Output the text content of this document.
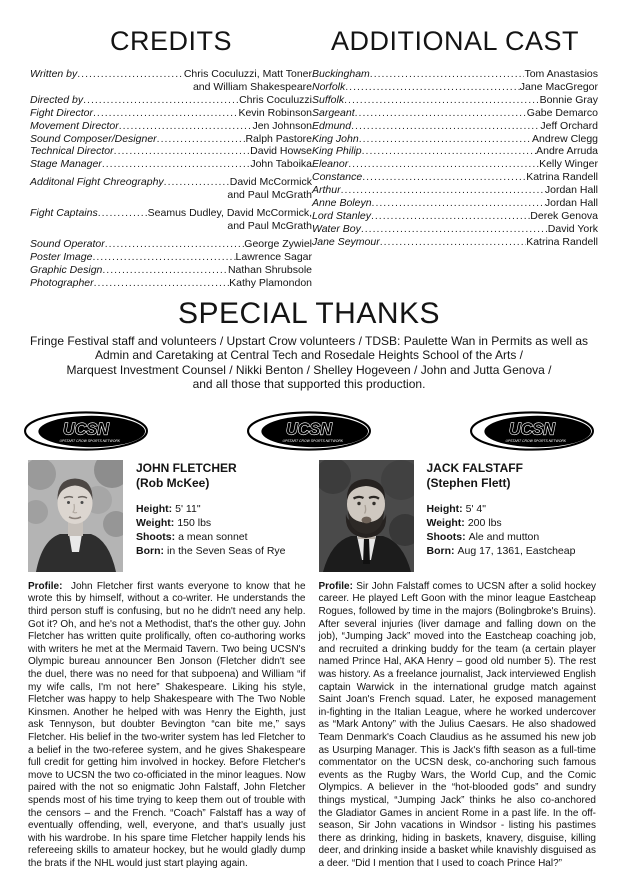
CREDITS
Written by .....	Chris Coculuzzi, Matt Toner
and William Shakespeare
Directed by .....	Chris Coculuzzi
Fight Director .....	Kevin Robinson
Movement Director .....	Jen Johnson
Sound Composer/Designer .....	Ralph Pastore
Technical Director .....	David Howse
Stage Manager .....	John Taboika
Additonal Fight Chreography .....	David McCormick
and Paul McGrath
Fight Captains .....	Seamus Dudley, David McCormick,
and Paul McGrath
Sound Operator .....	George Zywiel
Poster Image .....	Lawrence Sagar
Graphic Design .....	Nathan Shrubsole
Photographer .....	Kathy Plamondon
ADDITIONAL CAST
Buckingham .....	Tom Anastasios
Norfolk .....	Jane MacGregor
Suffolk .....	Bonnie Gray
Sargeant .....	Gabe Demarco
Edmund .....	Jeff Orchard
King John .....	Andrew Clegg
King Philip .....	Andre Arruda
Eleanor .....	Kelly Winger
Constance .....	Katrina Randell
Arthur .....	Jordan Hall
Anne Boleyn .....	Jordan Hall
Lord Stanley .....	Derek Genova
Water Boy .....	David York
Jane Seymour .....	Katrina Randell
SPECIAL THANKS
Fringe Festival staff and volunteers / Upstart Crow volunteers / TDSB: Paulette Wan in Permits as well as
Admin and Caretaking at Central Tech and Rosedale Heights School of the Arts /
Marquest Investment Counsel / Nikki Benton / Shelley Hogeveen / John and Jutta Genova /
and all those that supported this production.
UCSN
UPSTART CROW SPORTS NETWORK
UCSN
UPSTART CROW SPORTS NETWORK
UCSN
UPSTART CROW SPORTS NETWORK
JOHN FLETCHER
(Rob McKee)
Height: 5' 11"
Weight: 150 lbs
Shoots: a mean sonnet
Born: in the Seven Seas of Rye

Profile: John Fletcher first wants everyone to know that he wrote this by himself, without a co-writer. He understands the third person stuff is confusing, but no he didn't need any help. Got it? Oh, and he's not a Methodist, that's the other guy. John Fletcher has written quite prolifically, often co-authoring works with writers he met at the Mermaid Tavern. Two being UCSN's Olympic bureau announcer Ben Jonson (Fletcher didn't see the duel, there was no need for that subpoena) and William “if my wife calls, I'm not here” Shakespeare. Liking his style, Fletcher was happy to help Shakespeare with The Two Noble Kinsmen. Another he helped with was Henry the Eighth, just ask Tennyson, but doubter Bevington “can bite me,” says Fletcher. His belief in the two-writer system has led Fletcher to a belief in the two-referee system, and he gives Shakespeare full credit for getting him involved in hockey. Before Fletcher's move to UCSN the two co-officiated in the minor leagues. Now paired with the not so enigmatic John Falstaff, John Fletcher spends most of his time trying to keep them out of trouble with the censors – and the French. “Coach” Falstaff has a way of eventually offending, well, everyone, and that's usually just with his wardrobe. In his spare time Fletcher happily lends his refereeing skills to amateur hockey, but he would gladly dump the brats if the NHL would just start playing again.

JACK FALSTAFF
(Stephen Flett)
Height: 5' 4"
Weight: 200 lbs
Shoots: Ale and mutton
Born: Aug 17, 1361, Eastcheap

Profile: Sir John Falstaff comes to UCSN after a solid hockey career. He played Left Goon with the minor league Eastcheap Rogues, followed by time in the majors (Bolingbroke's Bruins). After several injuries (liver damage and falling down on the job), “Jumping Jack” moved into the Eastcheap coaching job, and recruited a drinking buddy for the team (a certain player named Prince Hal, AKA Henry – good old number 5). The rest was history. As a freelance journalist, Jack interviewed English captain Warwick in the international grudge match against Saint Joan's French squad. Later, he exposed management in-fighting in the Italian League, where he worked undercover as “Mark Antony” with the Julius Caesars. He also shadowed Team Denmark's Coach Claudius as he assumed his new job as Usurping Manager. This is Jack's fifth season as a full-time commentator on the UCSN desk, co-anchoring such famous events as the Rugby Wars, the World Cup, and the Comic Olympics. A believer in the “hot-blooded gods” and sundry things mystical, “Jumping Jack” thinks he also co-anchored the Gladiator Games in ancient Rome in a past life. In the off-season, Sir John vacations in Windsor - listing his pastimes there as drinking, hiding in baskets, knavery, disguise, killing deer, and drinking inside a basket while knavishly disguised as a deer. “Did I mention that I used to coach Prince Hal?”
